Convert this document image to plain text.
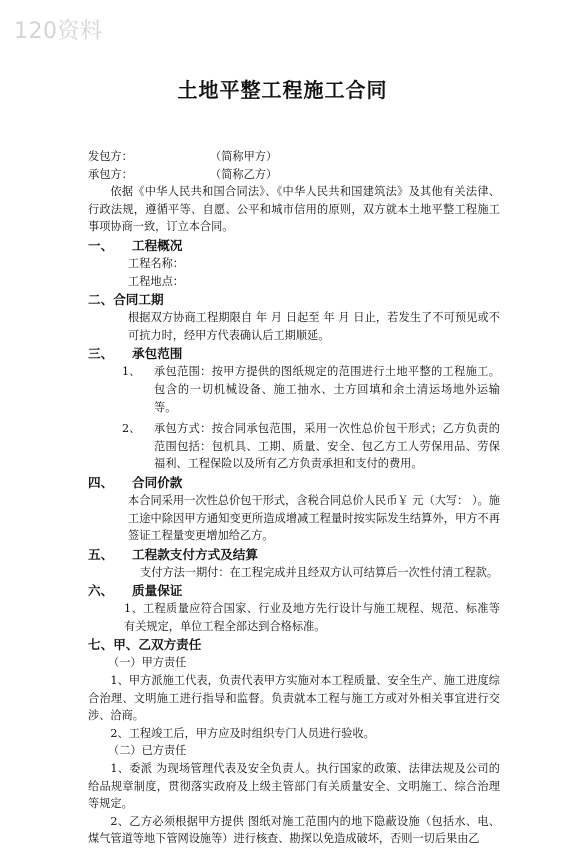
120资料
土地平整工程施工合同
发包方：	（简称甲方）
承包方：	（简称乙方）

依据《中华人民共和国合同法》、《中华人民共和国建筑法》及其他有关法律、行政法规，遵循平等、自愿、公平和城市信用的原则，双方就本土地平整工程施工事项协商一致，订立本合同。

一、 工程概况
工程名称：
工程地点：
二、合同工期

根据双方协商工程期限自 年 月 日起至 年 月 日止，若发生了不可预见或不可抗力时，经甲方代表确认后工期顺延。

三、 承包范围
1、	承包范围：按甲方提供的图纸规定的范围进行土地平整的工程施工。包含的一切机械设备、施工抽水、土方回填和余土清运场地外运输等。

2、	承包方式：按合同承包范围，采用一次性总价包干形式；乙方负责的范围包括：包机具、工期、质量、安全、包乙方工人劳保用品、劳保福利、工程保险以及所有乙方负责承担和支付的费用。

四、 合同价款

本合同采用一次性总价包干形式，含税合同总价人民币￥ 元（大写： ）。施工途中除因甲方通知变更所造成增减工程量时按实际发生结算外，甲方不再签证工程量变更增加给乙方。

五、 工程款支付方式及结算

支付方法一期付：在工程完成并且经双方认可结算后一次性付清工程款。

六、 质量保证

1、工程质量应符合国家、行业及地方先行设计与施工规程、规范、标准等有关规定，单位工程全部达到合格标准。

七、甲、乙双方责任
（一）甲方责任

1、甲方派施工代表，负责代表甲方实施对本工程质量、安全生产、施工进度综合治理、文明施工进行指导和监督。负责就本工程与施工方或对外相关事宜进行交涉、洽商。

2、工程竣工后，甲方应及时组织专门人员进行验收。

（二）已方责任

1、委派 为现场管理代表及安全负责人。执行国家的政策、法律法规及公司的给品规章制度，贯彻落实政府及上级主管部门有关质量安全、文明施工、综合治理等规定。

2、乙方必须根据甲方提供 图纸对施工范围内的地下隐蔽设施（包括水、电、煤气管道等地下管网设施等）进行核查、勘探以免造成破坏，否则一切后果由乙
